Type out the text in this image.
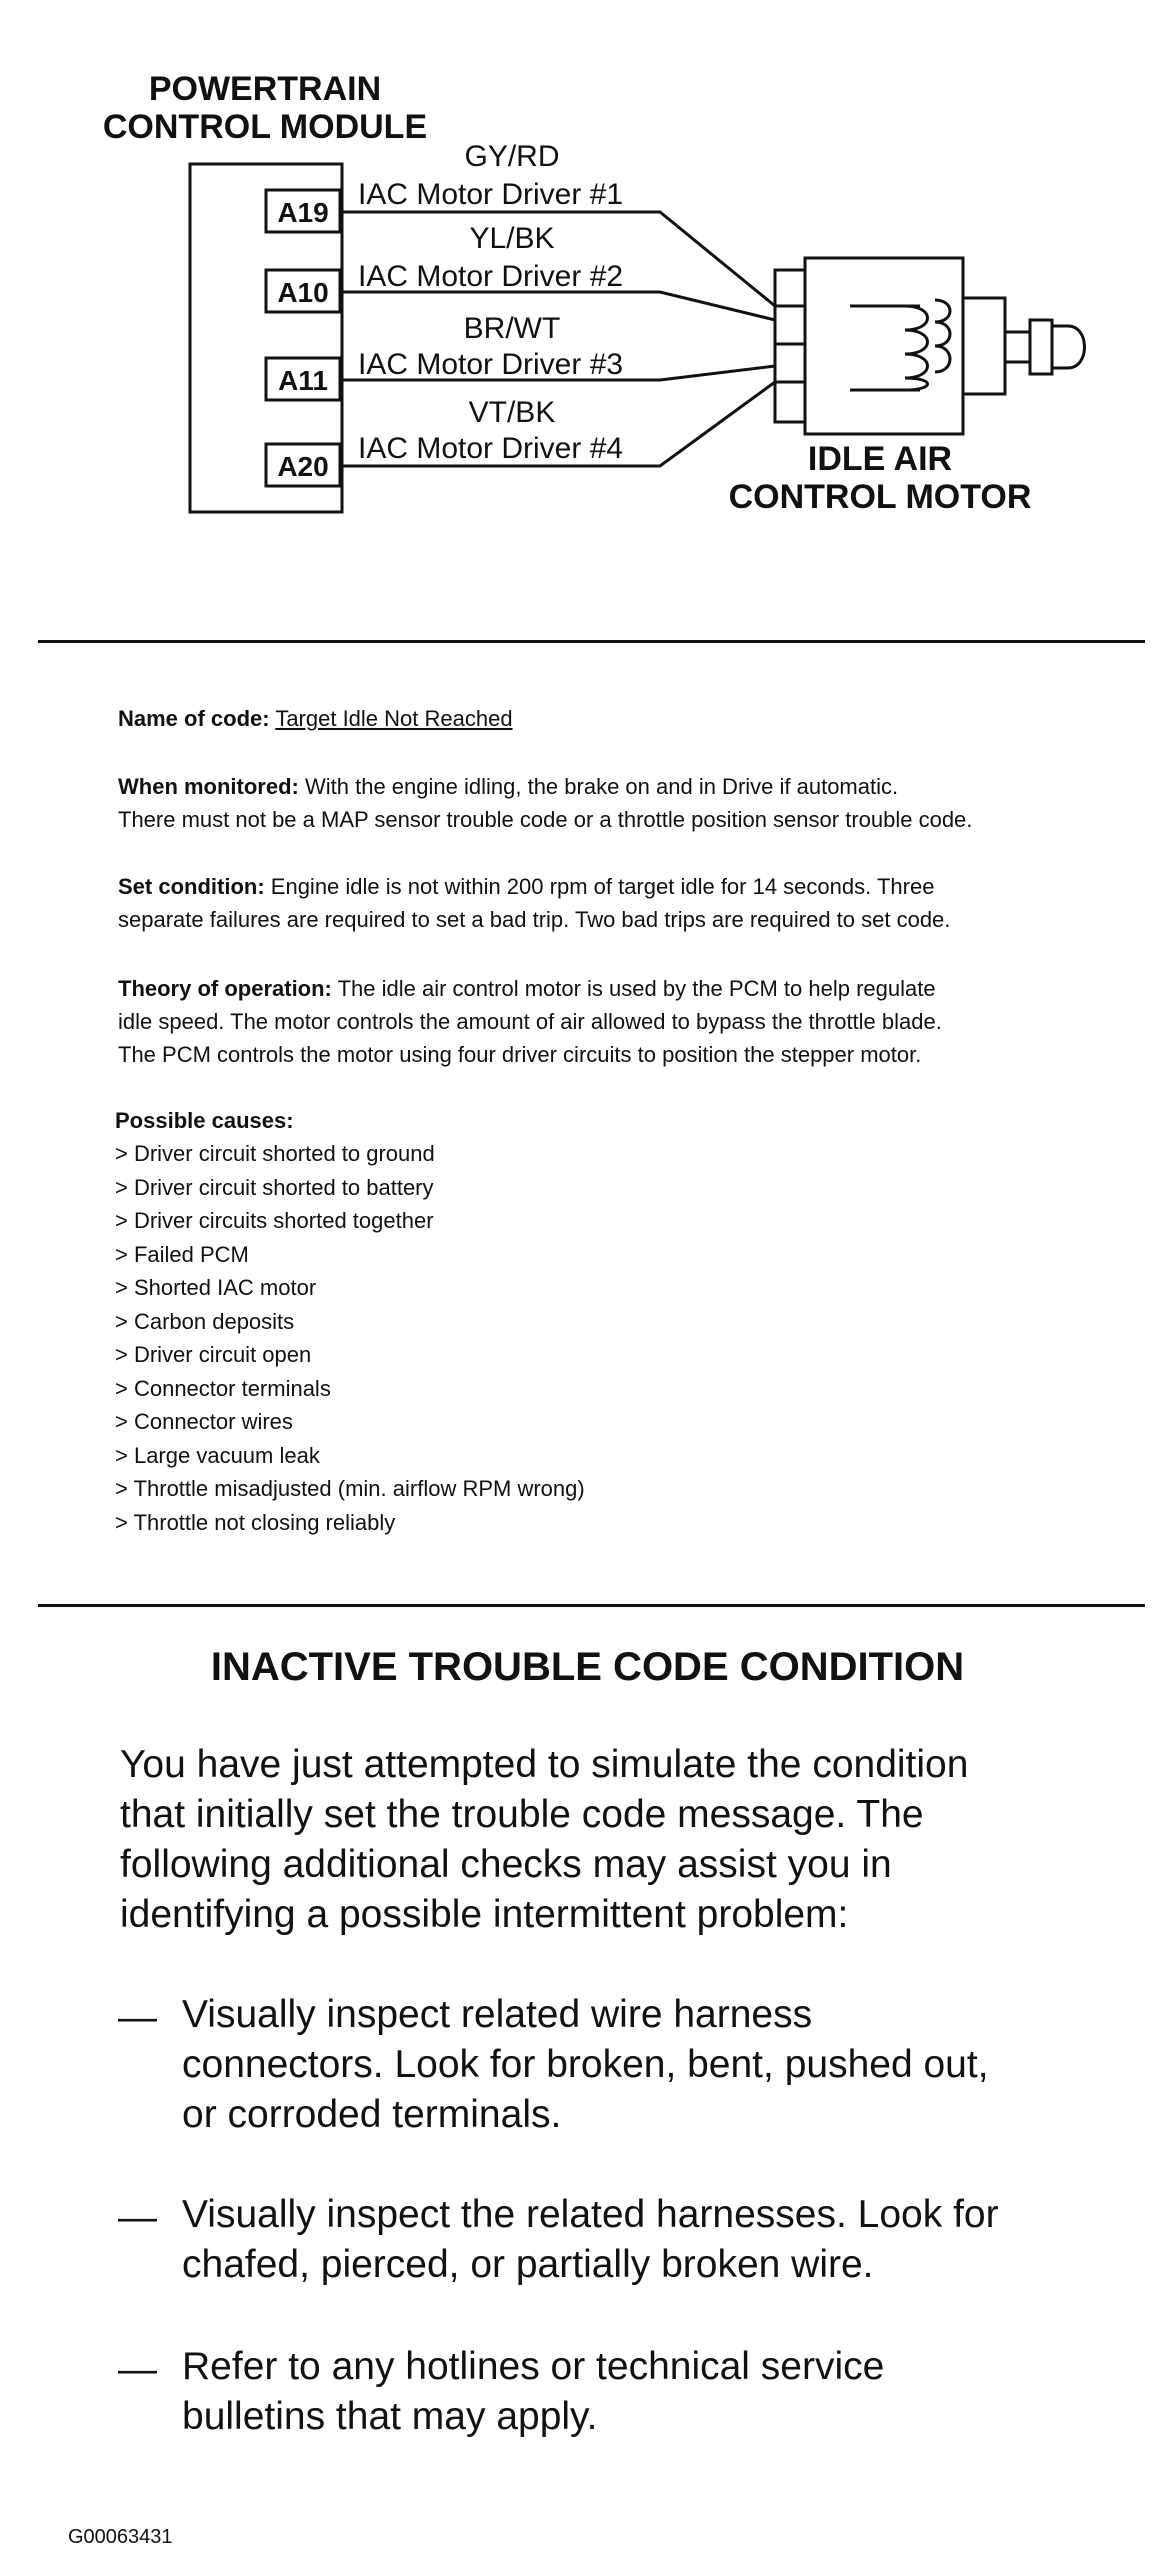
POWERTRAIN
CONTROL MODULE
A19
A10
A11
A20
GY/RD
IAC Motor Driver #1
YL/BK
IAC Motor Driver #2
BR/WT
IAC Motor Driver #3
VT/BK
IAC Motor Driver #4	IDLE AIR
CONTROL MOTOR
Name of code: Target Idle Not Reached
When monitored: With the engine idling, the brake on and in Drive if automatic.
There must not be a MAP sensor trouble code or a throttle position sensor trouble code.
Set condition: Engine idle is not within 200 rpm of target idle for 14 seconds. Three
separate failures are required to set a bad trip. Two bad trips are required to set code.
Theory of operation: The idle air control motor is used by the PCM to help regulate
idle speed. The motor controls the amount of air allowed to bypass the throttle blade.
The PCM controls the motor using four driver circuits to position the stepper motor.
Possible causes:
> Driver circuit shorted to ground
> Driver circuit shorted to battery
> Driver circuits shorted together
> Failed PCM
> Shorted IAC motor
> Carbon deposits
> Driver circuit open
> Connector terminals
> Connector wires
> Large vacuum leak
> Throttle misadjusted (min. airflow RPM wrong)
> Throttle not closing reliably
INACTIVE TROUBLE CODE CONDITION
You have just attempted to simulate the condition
that initially set the trouble code message. The
following additional checks may assist you in
identifying a possible intermittent problem:
— Visually inspect related wire harness
connectors. Look for broken, bent, pushed out,
or corroded terminals.
— Visually inspect the related harnesses. Look for
chafed, pierced, or partially broken wire.
— Refer to any hotlines or technical service
bulletins that may apply.
G00063431
